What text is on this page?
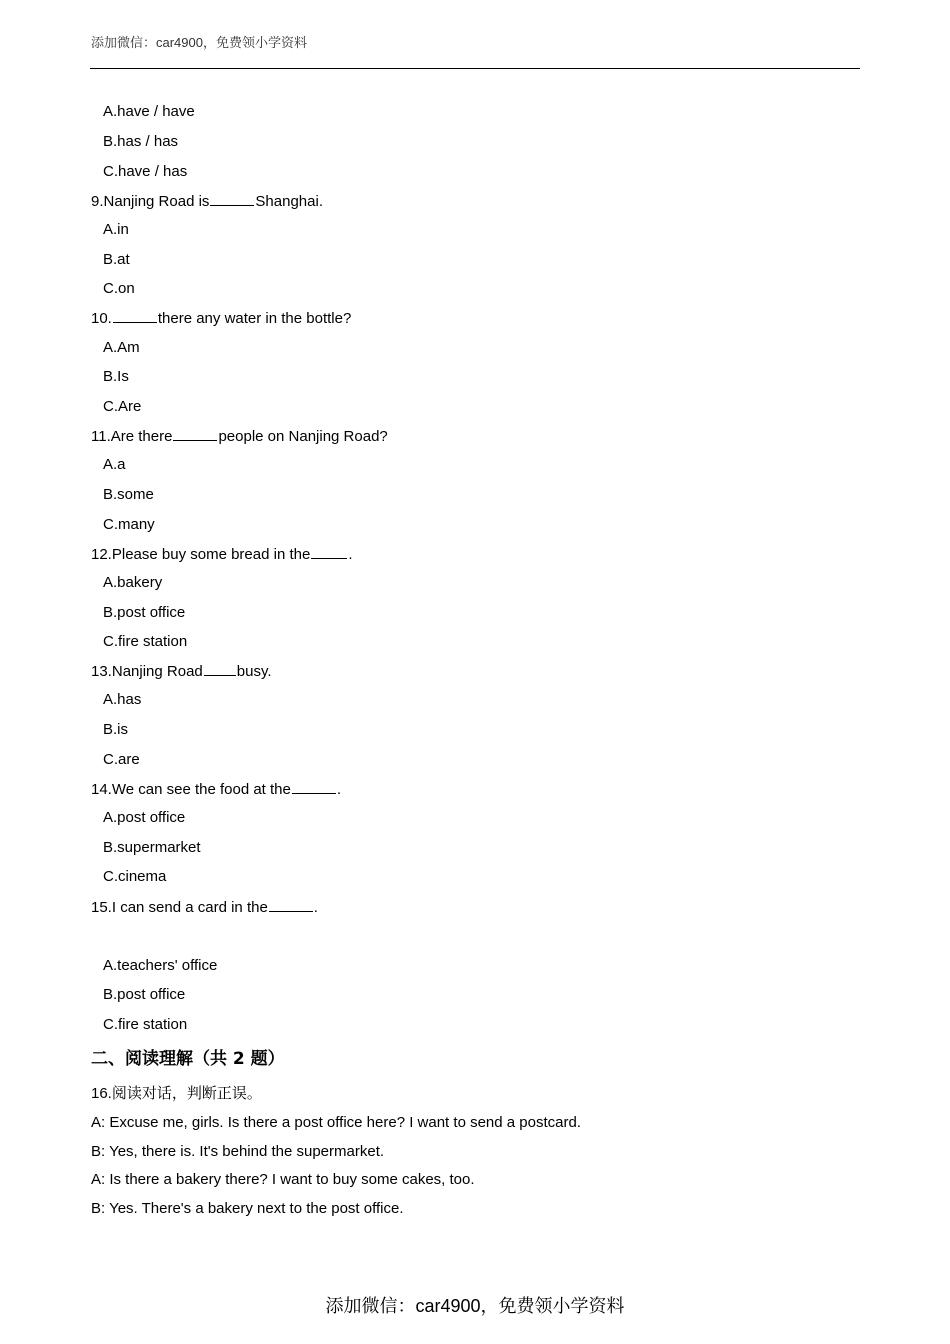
添加微信：car4900，免费领小学资料
A.have / have
B.has / has
C.have / has
9.Nanjing Road is	Shanghai.
A.in
B.at
C.on
10.	there any water in the bottle?
A.Am
B.Is
C.Are
11.Are there	people on Nanjing Road?
A.a
B.some
C.many
12.Please buy some bread in the	.
A.bakery
B.post office
C.fire station
13.Nanjing Road busy.
A.has
B.is
C.are
14.We can see the food at the	.
A.post office
B.supermarket
C.cinema
15.I can send a card in the	.
A.teachers' office
B.post office
C.fire station
二、阅读理解（共 2 题）
16.阅读对话，判断正误。
A: Excuse me, girls. Is there a post office here? I want to send a postcard.
B: Yes, there is. It's behind the supermarket.
A: Is there a bakery there? I want to buy some cakes, too.
B: Yes. There's a bakery next to the post office.
添加微信：car4900，免费领小学资料
